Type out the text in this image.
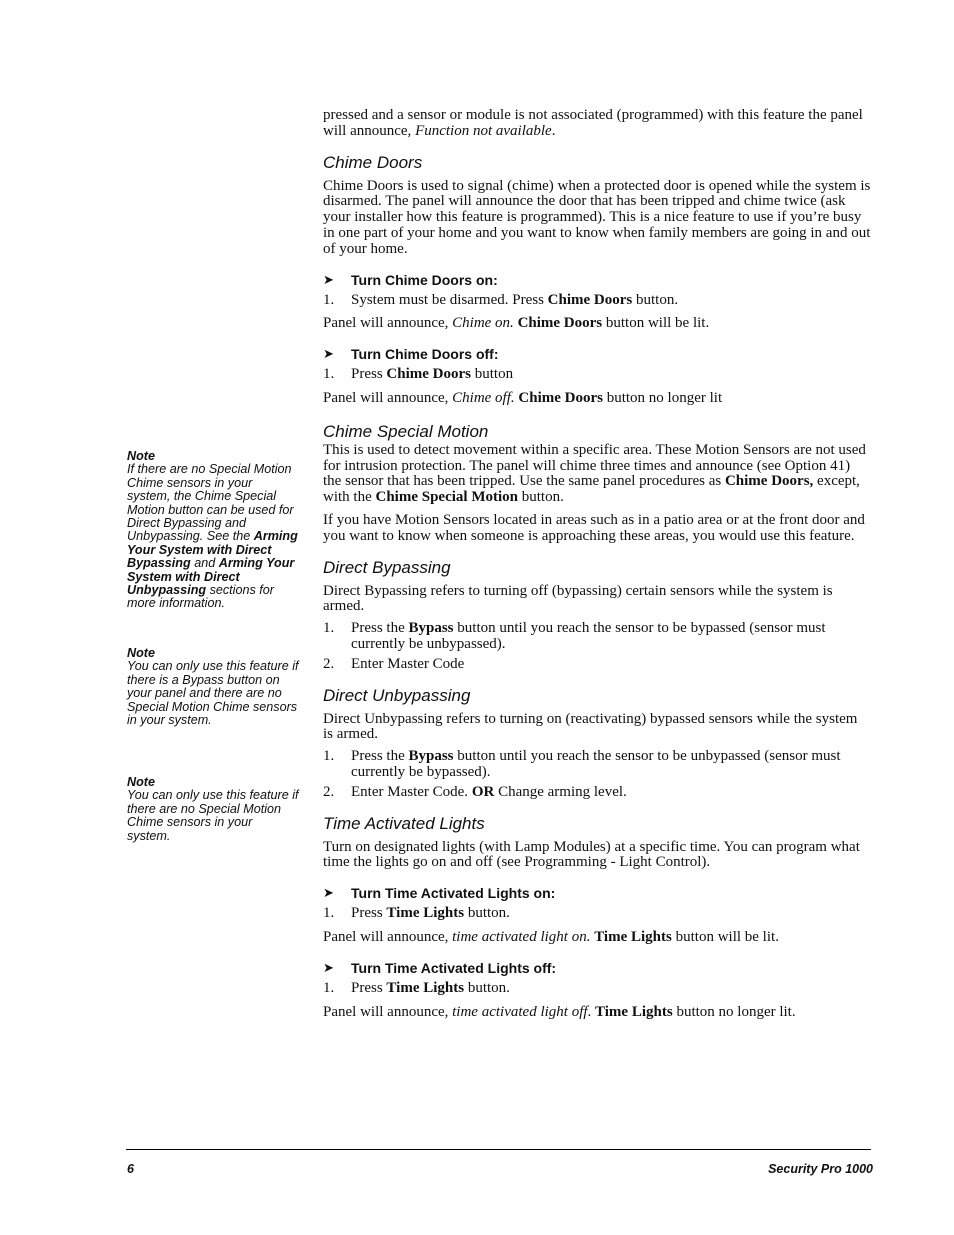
pressed and a sensor or module is not associated (programmed) with this feature the panel will announce, Function not available.

Chime Doors

Chime Doors is used to signal (chime) when a protected door is opened while the system is disarmed. The panel will announce the door that has been tripped and chime twice (ask your installer how this feature is programmed). This is a nice feature to use if you’re busy in one part of your home and you want to know when family members are going in and out of your home.

➤ Turn Chime Doors on:

1. System must be disarmed. Press Chime Doors button.

Panel will announce, Chime on. Chime Doors button will be lit.

➤ Turn Chime Doors off:

1. Press Chime Doors button

Panel will announce, Chime off. Chime Doors button no longer lit

Chime Special Motion

This is used to detect movement within a specific area. These Motion Sensors are not used for intrusion protection. The panel will chime three times and announce (see Option 41) the sensor that has been tripped. Use the same panel procedures as Chime Doors, except, with the Chime Special Motion button.

If you have Motion Sensors located in areas such as in a patio area or at the front door and you want to know when someone is approaching these areas, you would use this feature.

Direct Bypassing

Direct Bypassing refers to turning off (bypassing) certain sensors while the system is armed.

1. Press the Bypass button until you reach the sensor to be bypassed (sensor must currently be unbypassed).

2. Enter Master Code

Direct Unbypassing

Direct Unbypassing refers to turning on (reactivating) bypassed sensors while the system is armed.

1. Press the Bypass button until you reach the sensor to be unbypassed (sensor must currently be bypassed).

2. Enter Master Code. OR Change arming level.

Time Activated Lights

Turn on designated lights (with Lamp Modules) at a specific time. You can program what time the lights go on and off (see Programming - Light Control).

➤ Turn Time Activated Lights on:

1. Press Time Lights button.

Panel will announce, time activated light on. Time Lights button will be lit.

➤ Turn Time Activated Lights off:

1. Press Time Lights button.

Panel will announce, time activated light off. Time Lights button no longer lit.

Note
If there are no Special Motion Chime sensors in your system, the Chime Special Motion button can be used for Direct Bypassing and Unbypassing. See the Arming Your System with Direct Bypassing and Arming Your System with Direct Unbypassing sections for more information.
Note
You can only use this feature if there is a Bypass button on your panel and there are no Special Motion Chime sensors in your system.
Note
You can only use this feature if there are no Special Motion Chime sensors in your system.
6	Security Pro 1000
